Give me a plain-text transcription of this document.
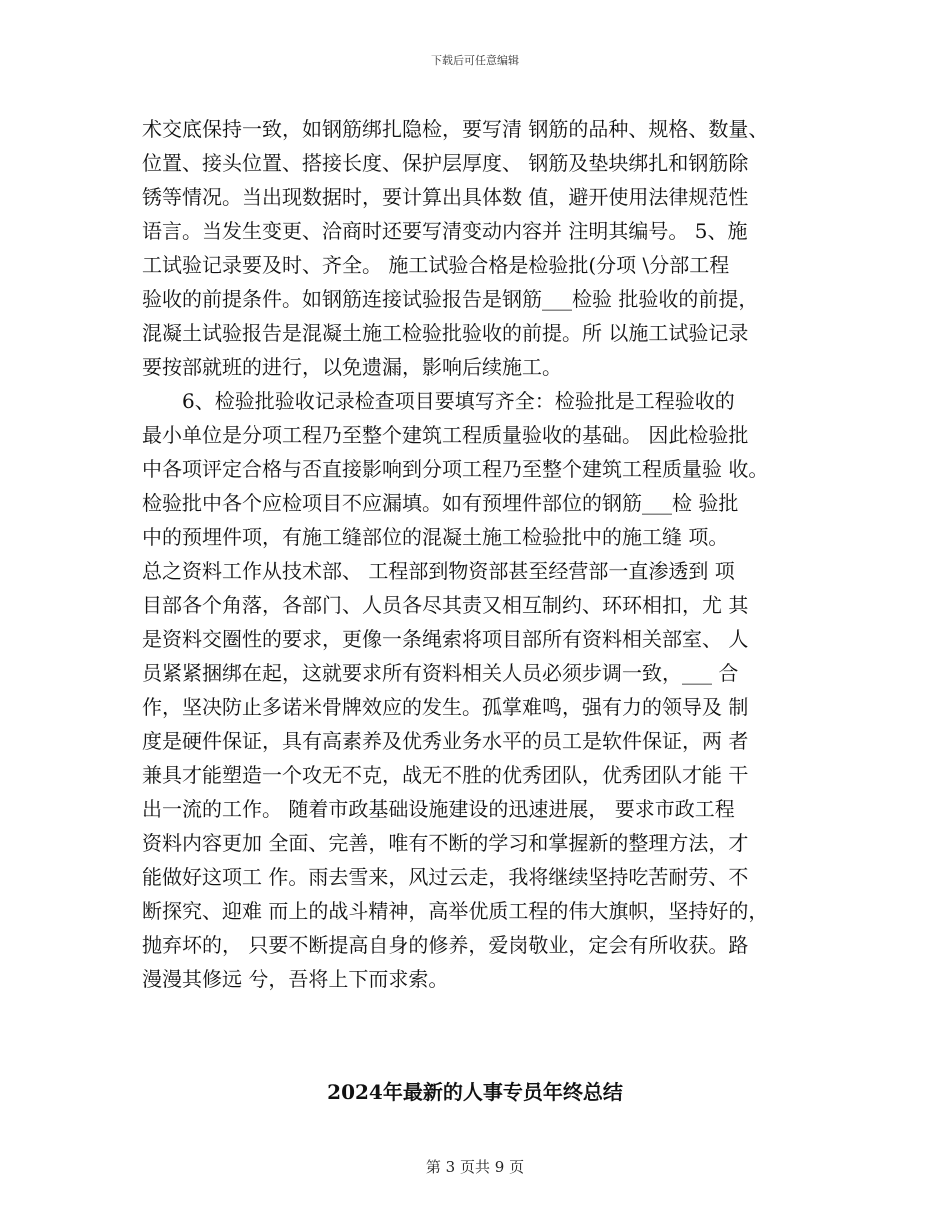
下载后可任意编辑
术交底保持一致，如钢筋绑扎隐检，要写清 钢筋的品种、规格、数量、
位置、接头位置、搭接长度、保护层厚度、 钢筋及垫块绑扎和钢筋除
锈等情况。当出现数据时，要计算出具体数 值，避开使用法律规范性
语言。当发生变更、洽商时还要写清变动内容并 注明其编号。 5、施
工试验记录要及时、齐全。 施工试验合格是检验批(分项 \分部工程
验收的前提条件。如钢筋连接试验报告是钢筋___检验 批验收的前提，
混凝土试验报告是混凝土施工检验批验收的前提。所 以施工试验记录
要按部就班的进行，以免遗漏，影响后续施工。
6、检验批验收记录检查项目要填写齐全：检验批是工程验收的
最小单位是分项工程乃至整个建筑工程质量验收的基础。 因此检验批
中各项评定合格与否直接影响到分项工程乃至整个建筑工程质量验 收。
检验批中各个应检项目不应漏填。如有预埋件部位的钢筋___检 验批
中的预埋件项，有施工缝部位的混凝土施工检验批中的施工缝 项。
总之资料工作从技术部、 工程部到物资部甚至经营部一直渗透到 项
目部各个角落，各部门、人员各尽其责又相互制约、环环相扣，尤 其
是资料交圈性的要求，更像一条绳索将项目部所有资料相关部室、 人
员紧紧捆绑在起，这就要求所有资料相关人员必须步调一致，___ 合
作，坚决防止多诺米骨牌效应的发生。孤掌难鸣，强有力的领导及 制
度是硬件保证，具有高素养及优秀业务水平的员工是软件保证，两 者
兼具才能塑造一个攻无不克，战无不胜的优秀团队，优秀团队才能 干
出一流的工作。 随着市政基础设施建设的迅速进展， 要求市政工程
资料内容更加 全面、完善，唯有不断的学习和掌握新的整理方法，才
能做好这项工 作。雨去雪来，风过云走，我将继续坚持吃苦耐劳、不
断探究、迎难 而上的战斗精神，高举优质工程的伟大旗帜，坚持好的，
抛弃坏的， 只要不断提高自身的修养，爱岗敬业，定会有所收获。路
漫漫其修远 兮，吾将上下而求索。
2024年最新的人事专员年终总结
第 3 页共 9 页
